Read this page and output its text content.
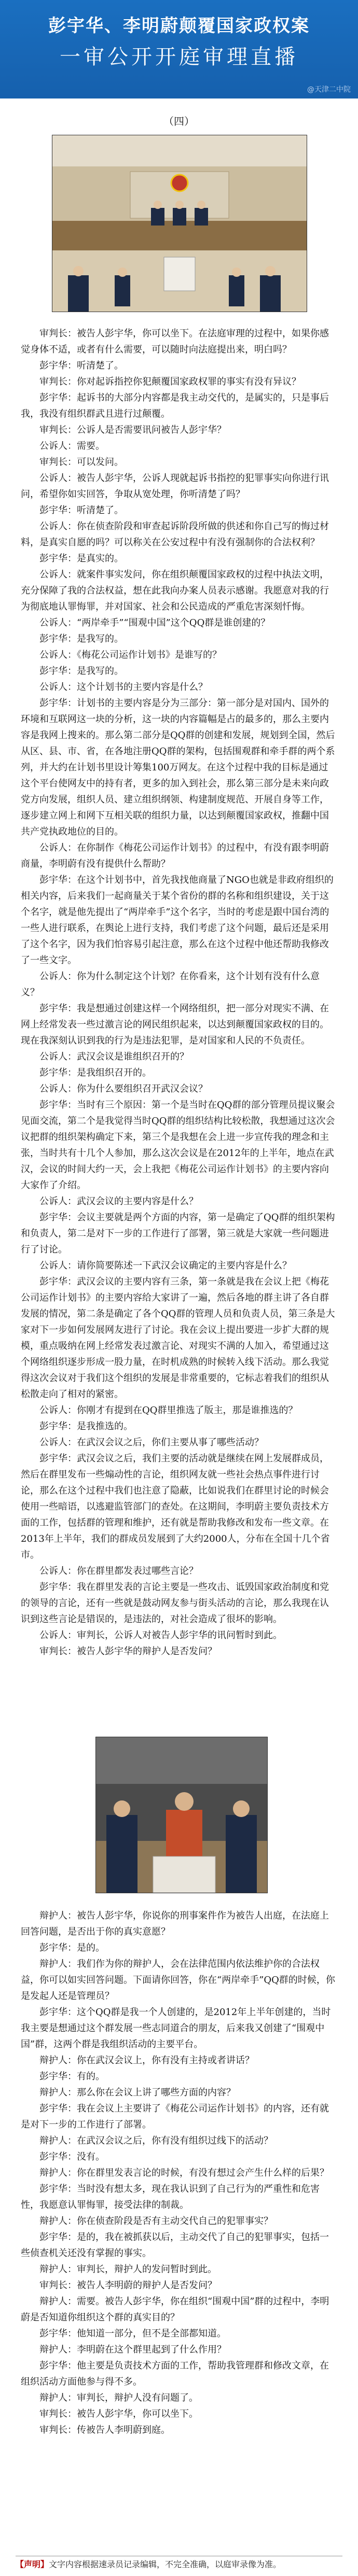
彭宇华、李明蔚颠覆国家政权案
一审公开开庭审理直播
@天津二中院
（四）

审判长：被告人彭宇华，你可以坐下。在法庭审理的过程中，如果你感觉身体不适，或者有什么需要，可以随时向法庭提出来，明白吗？

彭宇华：听清楚了。

审判长：你对起诉指控你犯颠覆国家政权罪的事实有没有异议？

彭宇华：起诉书的大部分内容都是我主动交代的，是属实的，只是事后我，我没有组织群武且进行过颠覆。

审判长：公诉人是否需要讯问被告人彭宇华？

公诉人：需要。

审判长：可以发问。

公诉人：被告人彭宇华，公诉人现就起诉书指控的犯罪事实向你进行讯问，希望你如实回答，争取从宽处理，你听清楚了吗？

彭宇华：听清楚了。

公诉人：你在侦查阶段和审查起诉阶段所做的供述和你自己写的悔过材料，是真实自愿的吗？可以称关在公安过程中有没有强制你的合法权利？

彭宇华：是真实的。

公诉人：就案件事实发问，你在组织颠覆国家政权的过程中执法文明，充分保障了我的合法权益，想在此我向办案人员表示感谢。我愿意对我的行为彻底地认罪悔罪，并对国家、社会和公民造成的严重危害深刻忏悔。

公诉人：“两岸牵手”“围观中国”这个QQ群是谁创建的？

彭宇华：是我写的。

公诉人：《梅花公司运作计划书》是谁写的？

彭宇华：是我写的。

公诉人：这个计划书的主要内容是什么？

彭宇华：计划书的主要内容是分为三部分：第一部分是对国内、国外的环境和互联网这一块的分析，这一块的内容篇幅是占的最多的，那么主要内容是我网上搜来的。那么第二部分是QQ群的创建和发展，规划到全国，然后从区、县、市、省，在各地注册QQ群的架构，包括围观群和牵手群的两个系列，并大约在计划书里设计筹集100万网友。在这个过程中我的目标是通过这个平台使网友中的持有者，更多的加入到社会，那么第三部分是未来向政党方向发展，组织人员、建立组织纲领、构建制度规范、开展自身等工作，逐步建立网上和网下互相关联的组织力量，以达到颠覆国家政权，推翻中国共产党执政地位的目的。

公诉人：在你制作《梅花公司运作计划书》的过程中，有没有跟李明蔚商量，李明蔚有没有提供什么帮助？

彭宇华：在这个计划书中，首先我找他商量了NGO也就是非政府组织的相关内容，后来我们一起商量关于某个省份的群的名称和组织建设，关于这个名字，就是他先提出了“两岸牵手”这个名字，当时的考虑是跟中国台湾的一些人进行联系，在舆论上进行支持，我们考虑了这个问题，最后还是采用了这个名字，因为我们怕容易引起注意，那么在这个过程中他还帮助我修改了一些文字。

公诉人：你为什么制定这个计划？在你看来，这个计划有没有什么意义？

彭宇华：我是想通过创建这样一个网络组织，把一部分对现实不满、在网上经常发表一些过激言论的网民组织起来，以达到颠覆国家政权的目的。现在我深刻认识到我的行为是违法犯罪，是对国家和人民的不负责任。

公诉人：武汉会议是谁组织召开的？

彭宇华：是我组织召开的。

公诉人：你为什么要组织召开武汉会议？

彭宇华：当时有三个原因：第一个是当时在QQ群的部分管理员提议聚会见面交流，第二个是我觉得当时QQ群的组织结构比较松散，我想通过这次会议把群的组织架构确定下来，第三个是我想在会上进一步宣传我的理念和主张，当时共有十几个人参加，那么这次会议是在2012年的上半年，地点在武汉，会议的时间大约一天，会上我把《梅花公司运作计划书》的主要内容向大家作了介绍。

公诉人：武汉会议的主要内容是什么？

彭宇华：会议主要就是两个方面的内容，第一是确定了QQ群的组织架构和负责人，第二是对下一步的工作进行了部署，第三就是大家就一些问题进行了讨论。

公诉人：请你简要陈述一下武汉会议确定的主要内容是什么？

彭宇华：武汉会议的主要内容有三条，第一条就是我在会议上把《梅花公司运作计划书》的主要内容给大家讲了一遍，然后各地的群主讲了各自群发展的情况，第二条是确定了各个QQ群的管理人员和负责人员，第三条是大家对下一步如何发展网友进行了讨论。我在会议上提出要进一步扩大群的规模，重点吸纳在网上经常发表过激言论、对现实不满的人加入，希望通过这个网络组织逐步形成一股力量，在时机成熟的时候转入线下活动。那么我觉得这次会议对于我们这个组织的发展是非常重要的，它标志着我们的组织从松散走向了相对的紧密。

公诉人：你刚才有提到在QQ群里推选了版主，那是谁推选的？

彭宇华：是我推选的。

公诉人：在武汉会议之后，你们主要从事了哪些活动？

彭宇华：武汉会议之后，我们主要的活动就是继续在网上发展群成员，然后在群里发布一些煽动性的言论，组织网友就一些社会热点事件进行讨论，那么在这个过程中我们也注意了隐蔽，比如说我们在群里讨论的时候会使用一些暗语，以逃避监管部门的查处。在这期间，李明蔚主要负责技术方面的工作，包括群的管理和维护，还有就是帮助我修改和发布一些文章。在2013年上半年，我们的群成员发展到了大约2000人，分布在全国十几个省市。

公诉人：你在群里都发表过哪些言论？

彭宇华：我在群里发表的言论主要是一些攻击、诋毁国家政治制度和党的领导的言论，还有一些就是鼓动网友参与街头活动的言论，那么我现在认识到这些言论是错误的，是违法的，对社会造成了很坏的影响。

公诉人：审判长，公诉人对被告人彭宇华的讯问暂时到此。

审判长：被告人彭宇华的辩护人是否发问？

辩护人：被告人彭宇华，你说你的刑事案件作为被告人出庭，在法庭上回答问题，是否出于你的真实意愿？

彭宇华：是的。

辩护人：我们作为你的辩护人，会在法律范围内依法维护你的合法权益，你可以如实回答问题。下面请你回答，你在“两岸牵手”QQ群的时候，你是发起人还是管理员？

彭宇华：这个QQ群是我一个人创建的，是2012年上半年创建的，当时我主要是想通过这个群发展一些志同道合的朋友，后来我又创建了“围观中国”群，这两个群是我组织活动的主要平台。

辩护人：你在武汉会议上，你有没有主持或者讲话？

彭宇华：有的。

辩护人：那么你在会议上讲了哪些方面的内容？

彭宇华：我在会议上主要讲了《梅花公司运作计划书》的内容，还有就是对下一步的工作进行了部署。

辩护人：在武汉会议之后，你有没有组织过线下的活动？

彭宇华：没有。

辩护人：你在群里发表言论的时候，有没有想过会产生什么样的后果？

彭宇华：当时没有想太多，现在我认识到了自己行为的严重性和危害性，我愿意认罪悔罪，接受法律的制裁。

辩护人：你在侦查阶段是否有主动交代自己的犯罪事实？

彭宇华：是的，我在被抓获以后，主动交代了自己的犯罪事实，包括一些侦查机关还没有掌握的事实。

辩护人：审判长，辩护人的发问暂时到此。

审判长：被告人李明蔚的辩护人是否发问？

辩护人：需要。被告人彭宇华，你在组织“围观中国”群的过程中，李明蔚是否知道你组织这个群的真实目的？

彭宇华：他知道一部分，但不是全部都知道。

辩护人：李明蔚在这个群里起到了什么作用？

彭宇华：他主要是负责技术方面的工作，帮助我管理群和修改文章，在组织活动方面他参与得不多。

辩护人：审判长，辩护人没有问题了。

审判长：被告人彭宇华，你可以坐下。

审判长：传被告人李明蔚到庭。

【声明】文字内容根据速录员记录编辑，不完全准确，以庭审录像为准。
